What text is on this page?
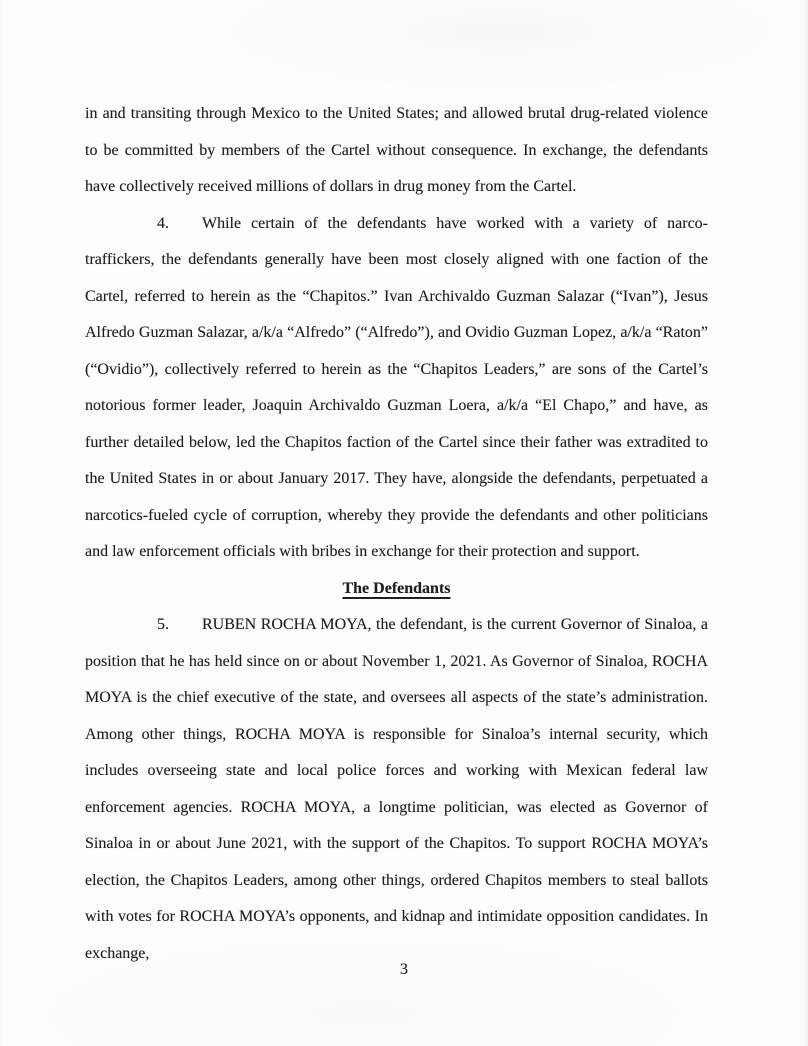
in and transiting through Mexico to the United States; and allowed brutal drug-related violence to be committed by members of the Cartel without consequence. In exchange, the defendants have collectively received millions of dollars in drug money from the Cartel.

4. While certain of the defendants have worked with a variety of narco-traffickers, the defendants generally have been most closely aligned with one faction of the Cartel, referred to herein as the “Chapitos.” Ivan Archivaldo Guzman Salazar (“Ivan”), Jesus Alfredo Guzman Salazar, a/k/a “Alfredo” (“Alfredo”), and Ovidio Guzman Lopez, a/k/a “Raton” (“Ovidio”), collectively referred to herein as the “Chapitos Leaders,” are sons of the Cartel’s notorious former leader, Joaquin Archivaldo Guzman Loera, a/k/a “El Chapo,” and have, as further detailed below, led the Chapitos faction of the Cartel since their father was extradited to the United States in or about January 2017. They have, alongside the defendants, perpetuated a narcotics-fueled cycle of corruption, whereby they provide the defendants and other politicians and law enforcement officials with bribes in exchange for their protection and support.

The Defendants

5. RUBEN ROCHA MOYA, the defendant, is the current Governor of Sinaloa, a position that he has held since on or about November 1, 2021. As Governor of Sinaloa, ROCHA MOYA is the chief executive of the state, and oversees all aspects of the state’s administration. Among other things, ROCHA MOYA is responsible for Sinaloa’s internal security, which includes overseeing state and local police forces and working with Mexican federal law enforcement agencies. ROCHA MOYA, a longtime politician, was elected as Governor of Sinaloa in or about June 2021, with the support of the Chapitos. To support ROCHA MOYA’s election, the Chapitos Leaders, among other things, ordered Chapitos members to steal ballots with votes for ROCHA MOYA’s opponents, and kidnap and intimidate opposition candidates. In exchange,

3
